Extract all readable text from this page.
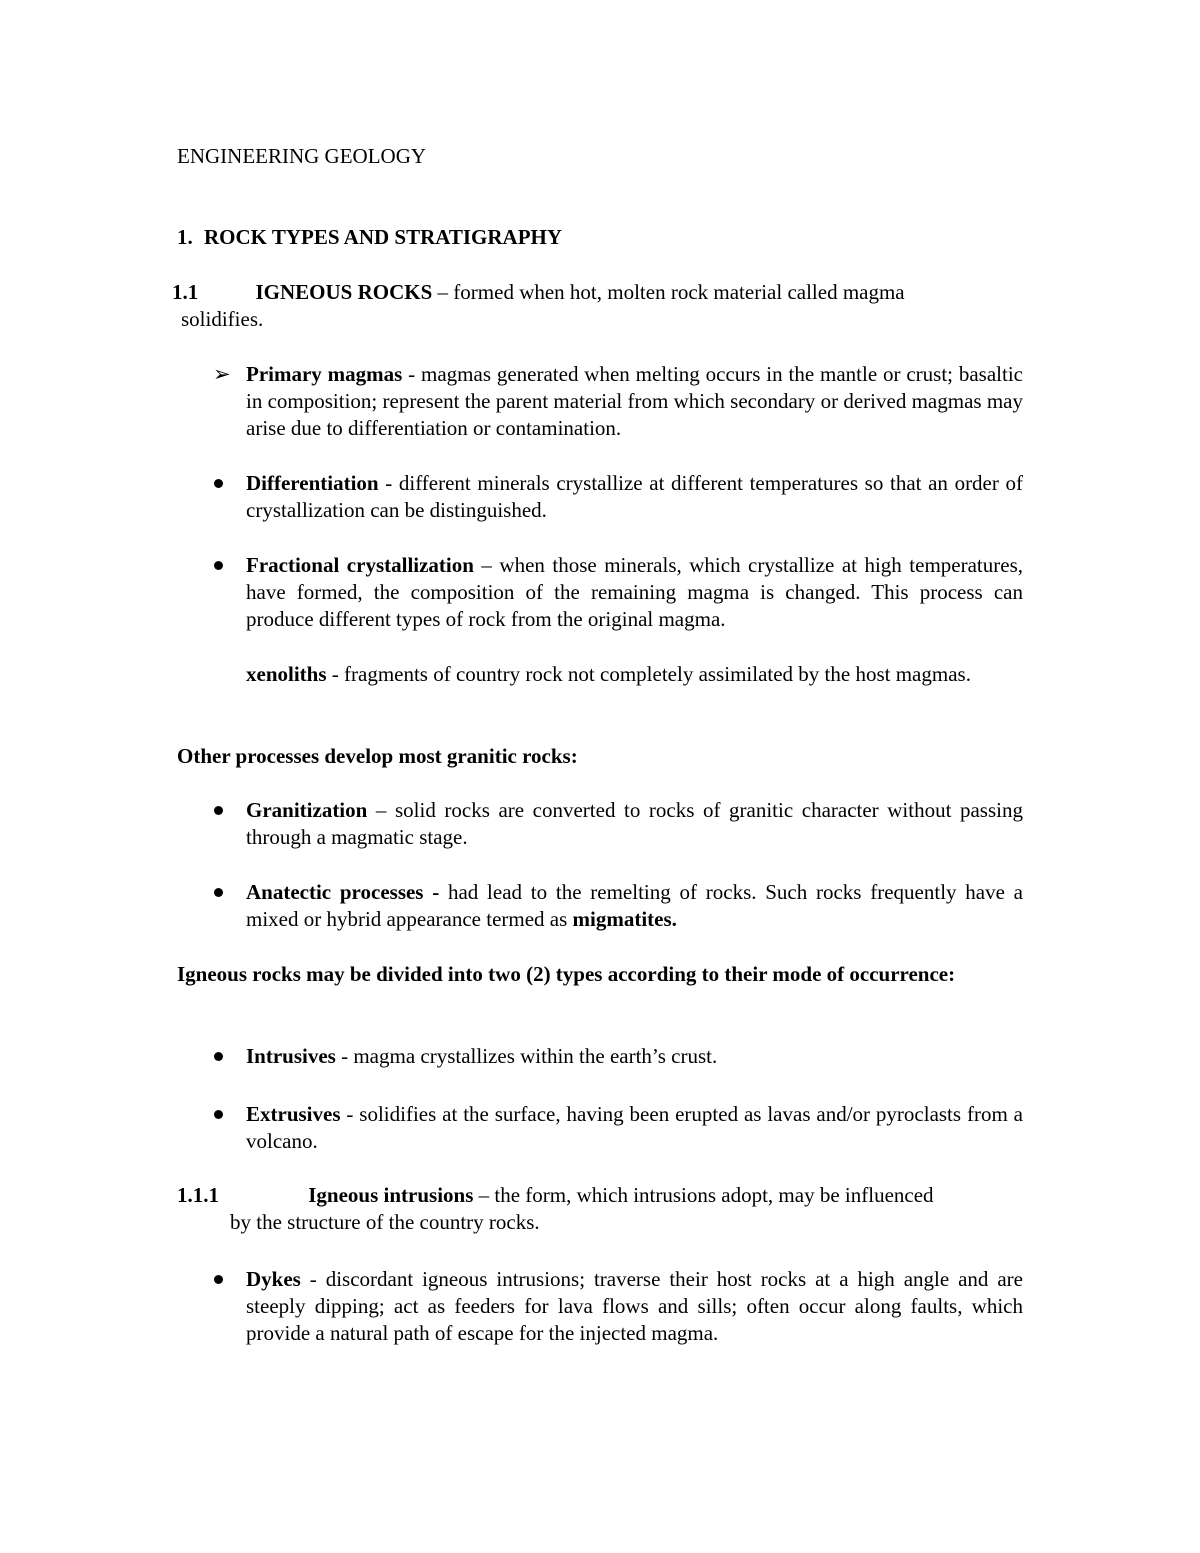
ENGINEERING GEOLOGY
1. ROCK TYPES AND STRATIGRAPHY
1.1	IGNEOUS ROCKS – formed when hot, molten rock material called magma
solidifies.
➢ Primary magmas - magmas generated when melting occurs in the mantle or crust; basaltic in composition; represent the parent material from which secondary or derived magmas may arise due to differentiation or contamination.

Differentiation - different minerals crystallize at different temperatures so that an order of crystallization can be distinguished.

Fractional crystallization – when those minerals, which crystallize at high temperatures, have formed, the composition of the remaining magma is changed. This process can produce different types of rock from the original magma.

xenoliths - fragments of country rock not completely assimilated by the host magmas.

Other processes develop most granitic rocks:

Granitization – solid rocks are converted to rocks of granitic character without passing through a magmatic stage.

Anatectic processes - had lead to the remelting of rocks. Such rocks frequently have a mixed or hybrid appearance termed as migmatites.

Igneous rocks may be divided into two (2) types according to their mode of occurrence:

Intrusives - magma crystallizes within the earth’s crust.

Extrusives - solidifies at the surface, having been erupted as lavas and/or pyroclasts from a volcano.

1.1.1	Igneous intrusions – the form, which intrusions adopt, may be influenced
by the structure of the country rocks.

Dykes - discordant igneous intrusions; traverse their host rocks at a high angle and are steeply dipping; act as feeders for lava flows and sills; often occur along faults, which provide a natural path of escape for the injected magma.
